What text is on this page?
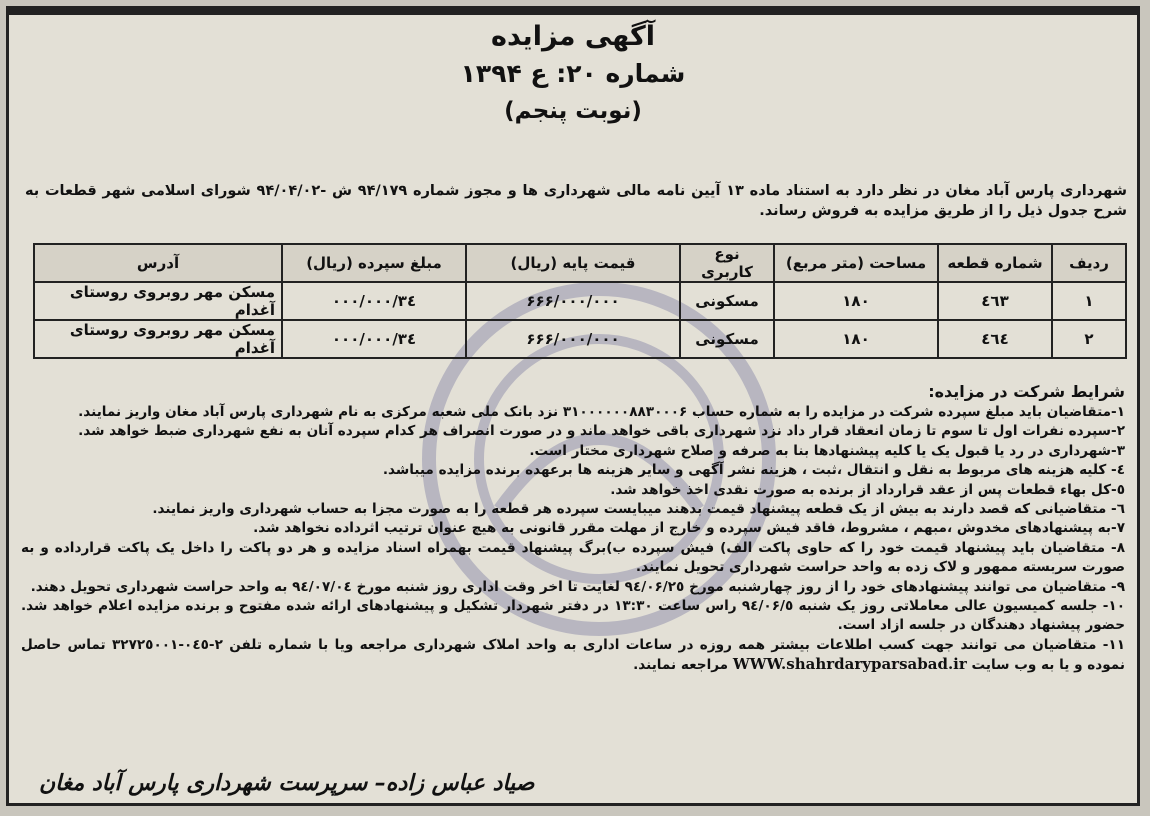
آگهی مزایده
شماره ۲۰: ع ۱۳۹۴
(نوبت پنجم)
شهرداری پارس آباد مغان در نظر دارد به استناد ماده ۱۳ آیین نامه مالی شهرداری ها و مجوز شماره ۹۴/۱۷۹ ش -۹۴/۰۴/۰۲ شورای اسلامی شهر قطعات به شرح جدول ذیل را از طریق مزایده به فروش رساند.
ردیف	شماره قطعه	مساحت (متر مربع)	نوع کاربری	قیمت پایه (ریال)	مبلغ سپرده (ریال)	آدرس
۱	٤٦٣	۱۸۰	مسکونی	۶۶۶/۰۰۰/۰۰۰	۳٤/۰۰۰/۰۰۰	مسکن مهر روبروی روستای آغدام
۲	٤٦٤	۱۸۰	مسکونی	۶۶۶/۰۰۰/۰۰۰	۳٤/۰۰۰/۰۰۰	مسکن مهر روبروی روستای آغدام

شرایط شرکت در مزایده:

۱-متقاضیان باید مبلغ سپرده شرکت در مزایده را به شماره حساب ۳۱۰۰۰۰۰۰۸۸۳۰۰۰۶ نزد بانک ملی شعبه مرکزی به نام شهرداری پارس آباد مغان واریز نمایند.

۲-سپرده نفرات اول تا سوم تا زمان انعقاد قرار داد نزد شهرداری باقی خواهد ماند و در صورت انصراف هر کدام سپرده آنان به نفع شهرداری ضبط خواهد شد.

۳-شهرداری در رد یا قبول یک یا کلیه پیشنهادها بنا به صرفه و صلاح شهرداری مختار است.

٤- کلیه هزینه های مربوط به نقل و انتقال ،ثبت ، هزینه نشر آگهی و سایر هزینه ها برعهده برنده مزایده میباشد.

٥-کل بهاء قطعات پس از عقد قرارداد از برنده به صورت نقدی اخذ خواهد شد.

٦- متقاضیانی که قصد دارند به بیش از یک قطعه پیشنهاد قیمت بدهند میبایست سپرده هر قطعه را به صورت مجزا به حساب شهرداری واریز نمایند.

٧-به پیشنهادهای مخدوش ،مبهم ، مشروط، فاقد فیش سپرده و خارج از مهلت مقرر قانونی به هیچ عنوان ترتیب اثرداده نخواهد شد.

۸- متقاضیان باید پیشنهاد قیمت خود را که حاوی پاکت الف) فیش سپرده ب)برگ پیشنهاد قیمت بهمراه اسناد مزایده و هر دو پاکت را داخل یک پاکت قرارداده و به صورت سربسته ممهور و لاک زده به واحد حراست شهرداری تحویل نمایند.

۹- متقاضیان می توانند پیشنهادهای خود را از روز چهارشنبه مورخ ۹٤/۰۶/۲٥ لغایت تا اخر وقت اداری روز شنبه مورخ ۹٤/۰۷/۰٤ به واحد حراست شهرداری تحویل دهند.

۱۰- جلسه کمیسیون عالی معاملاتی روز یک شنبه ۹٤/۰۶/٥ راس ساعت ۱۳:۳۰ در دفتر شهردار تشکیل و پیشنهادهای ارائه شده مفتوح و برنده مزایده اعلام خواهد شد. حضور پیشنهاد دهندگان در جلسه ازاد است.

۱۱- متقاضیان می توانند جهت کسب اطلاعات بیشتر همه روزه در ساعات اداری به واحد املاک شهرداری مراجعه ویا با شماره تلفن ۲-۰٤٥-۳۲۷۲٥۰۰۱ تماس حاصل نموده و یا به وب سایت WWW.shahrdaryparsabad.ir مراجعه نمایند.

صیاد عباس زاده– سرپرست شهرداری پارس آباد مغان
